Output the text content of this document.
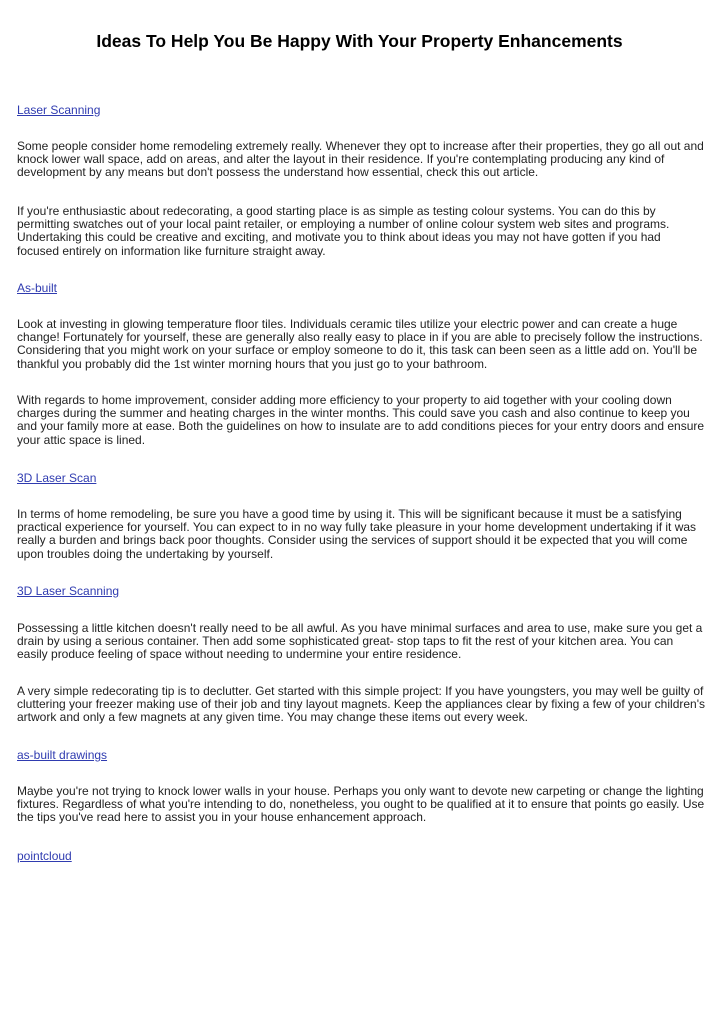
Ideas To Help You Be Happy With Your Property Enhancements
Laser Scanning

Some people consider home remodeling extremely really. Whenever they opt to increase after their properties, they go all out and knock lower wall space, add on areas, and alter the layout in their residence. If you're contemplating producing any kind of development by any means but don't possess the understand how essential, check this out article.

If you're enthusiastic about redecorating, a good starting place is as simple as testing colour systems. You can do this by permitting swatches out of your local paint retailer, or employing a number of online colour system web sites and programs. Undertaking this could be creative and exciting, and motivate you to think about ideas you may not have gotten if you had focused entirely on information like furniture straight away.

As-built

Look at investing in glowing temperature floor tiles. Individuals ceramic tiles utilize your electric power and can create a huge change! Fortunately for yourself, these are generally also really easy to place in if you are able to precisely follow the instructions. Considering that you might work on your surface or employ someone to do it, this task can been seen as a little add on. You'll be thankful you probably did the 1st winter morning hours that you just go to your bathroom.

With regards to home improvement, consider adding more efficiency to your property to aid together with your cooling down charges during the summer and heating charges in the winter months. This could save you cash and also continue to keep you and your family more at ease. Both the guidelines on how to insulate are to add conditions pieces for your entry doors and ensure your attic space is lined.

3D Laser Scan

In terms of home remodeling, be sure you have a good time by using it. This will be significant because it must be a satisfying practical experience for yourself. You can expect to in no way fully take pleasure in your home development undertaking if it was really a burden and brings back poor thoughts. Consider using the services of support should it be expected that you will come upon troubles doing the undertaking by yourself.

3D Laser Scanning

Possessing a little kitchen doesn't really need to be all awful. As you have minimal surfaces and area to use, make sure you get a drain by using a serious container. Then add some sophisticated great- stop taps to fit the rest of your kitchen area. You can easily produce feeling of space without needing to undermine your entire residence.

A very simple redecorating tip is to declutter. Get started with this simple project: If you have youngsters, you may well be guilty of cluttering your freezer making use of their job and tiny layout magnets. Keep the appliances clear by fixing a few of your children's artwork and only a few magnets at any given time. You may change these items out every week.

as-built drawings

Maybe you're not trying to knock lower walls in your house. Perhaps you only want to devote new carpeting or change the lighting fixtures. Regardless of what you're intending to do, nonetheless, you ought to be qualified at it to ensure that points go easily. Use the tips you've read here to assist you in your house enhancement approach.

pointcloud
